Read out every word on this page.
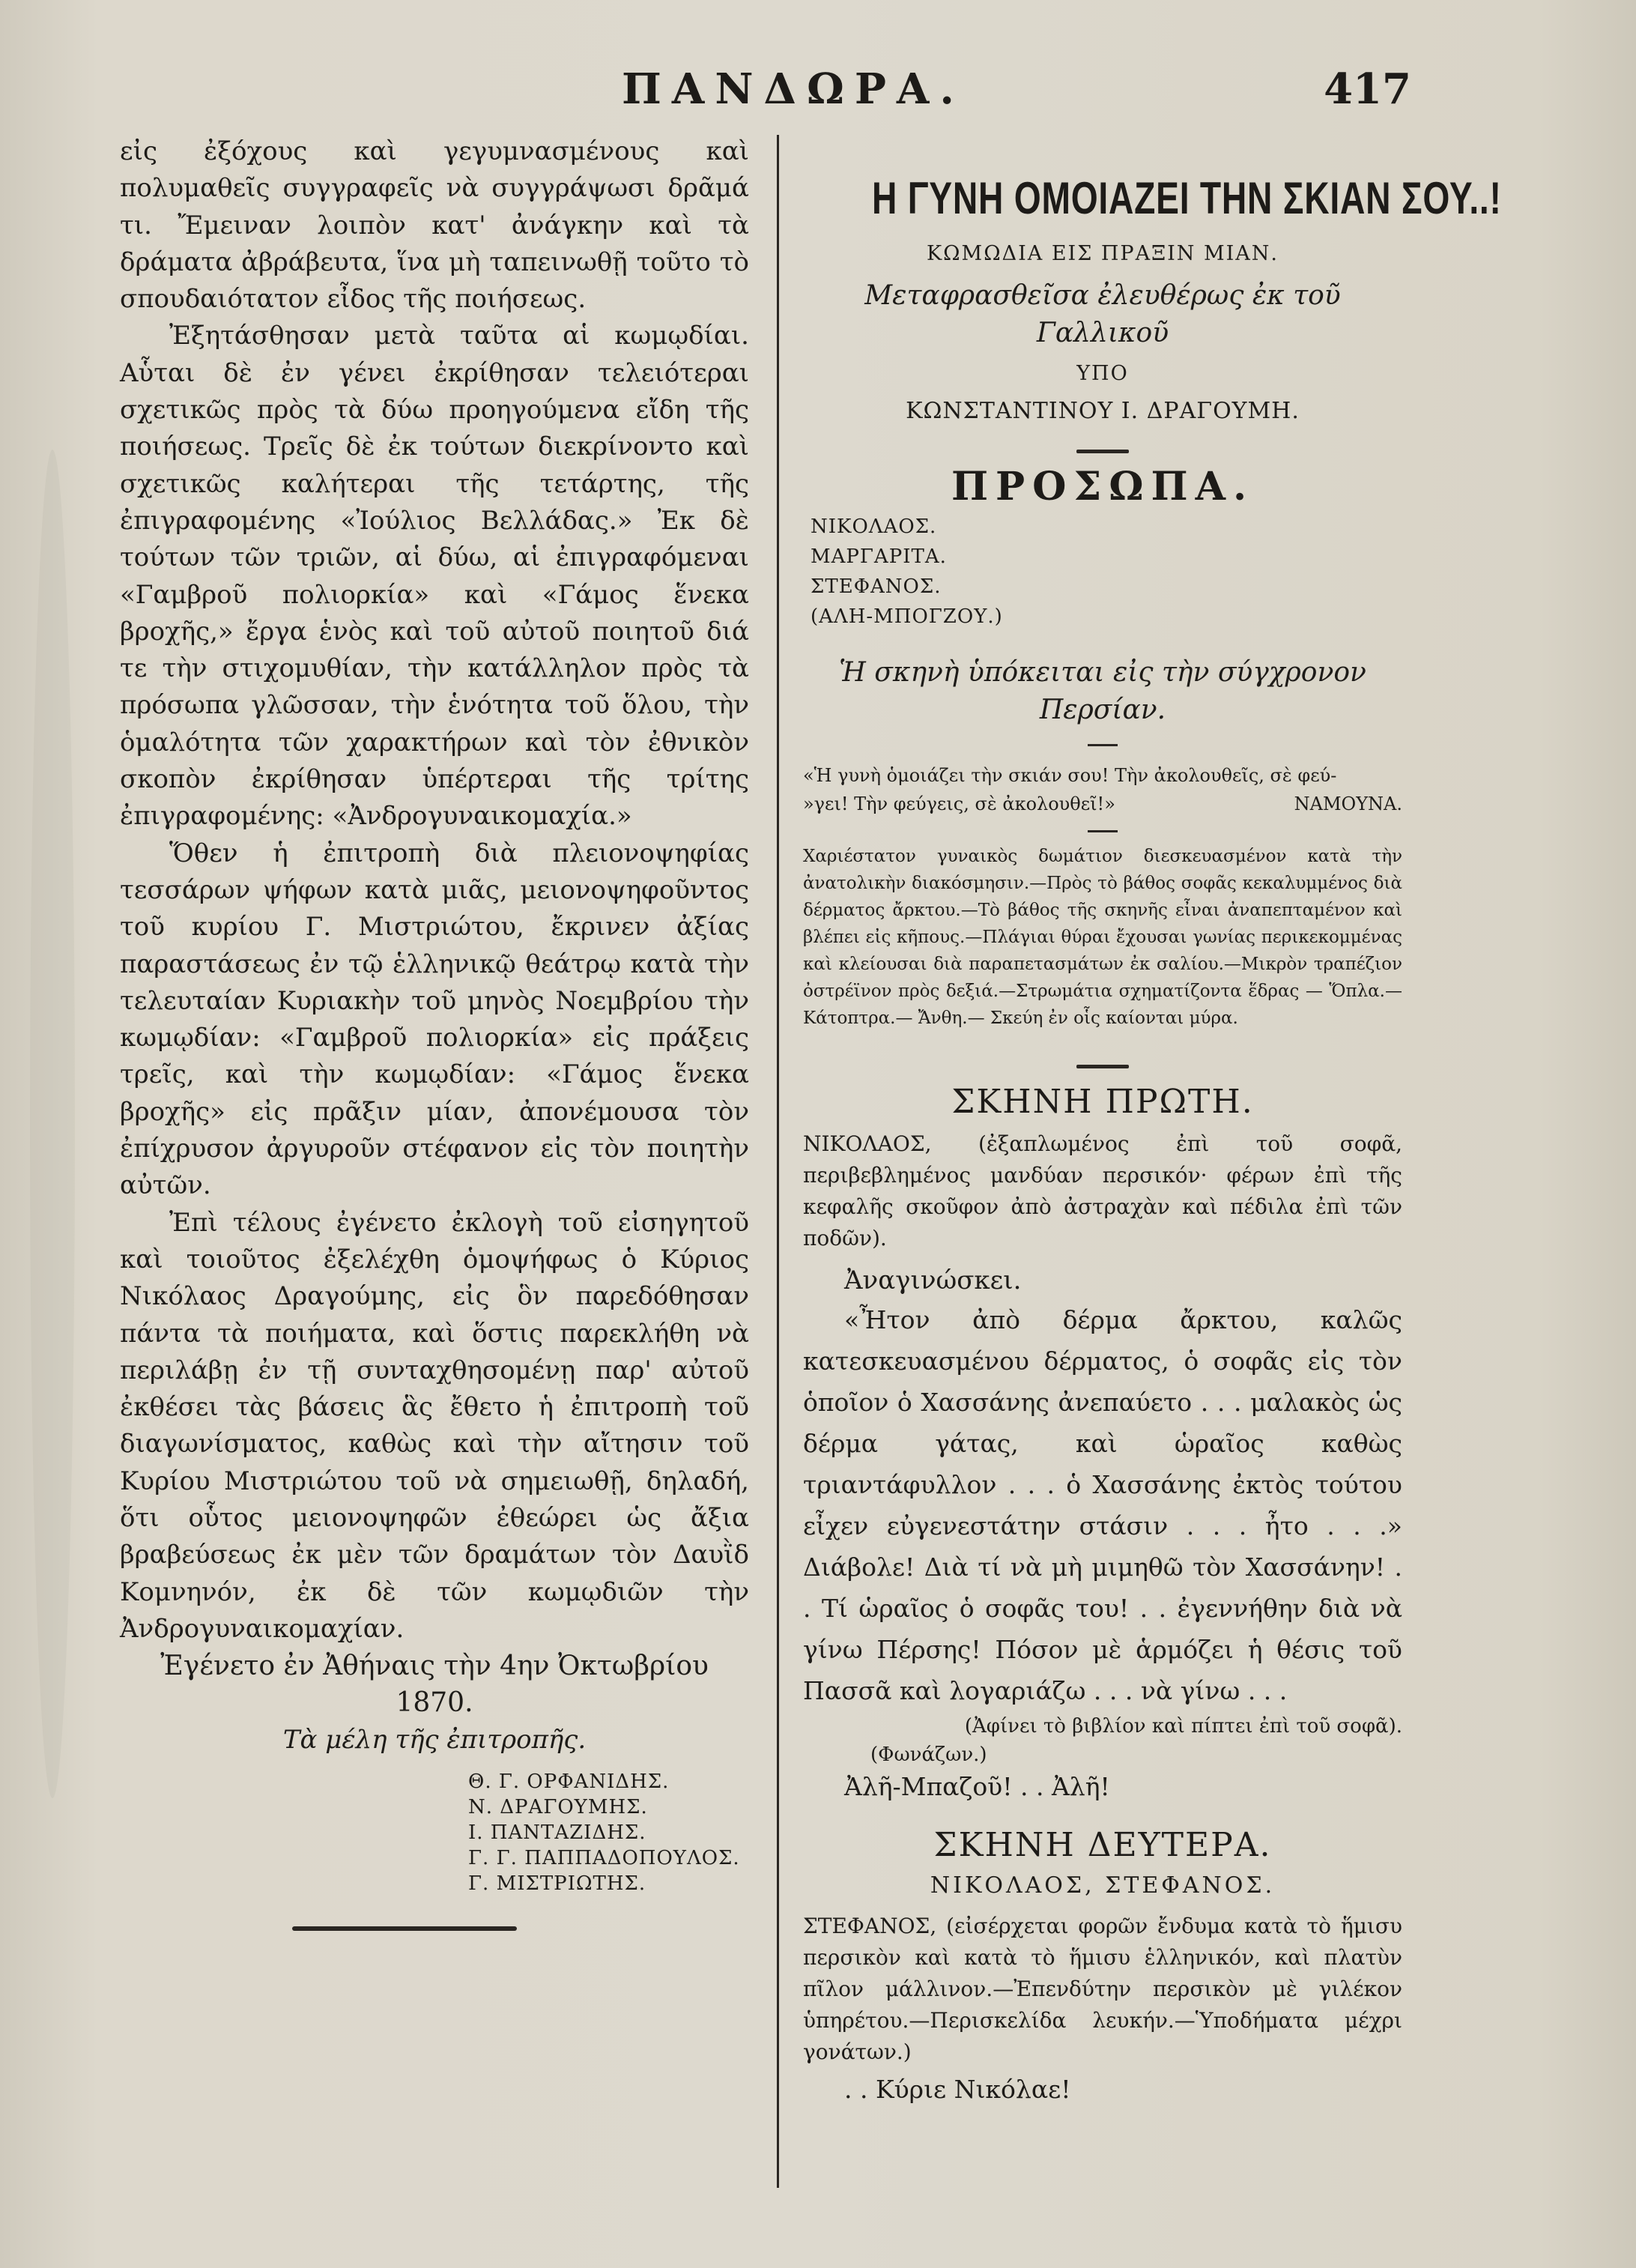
ΠΑΝΔΩΡΑ.	417

εἰς ἐξόχους καὶ γεγυμνασμένους καὶ πολυμαθεῖς συγγραφεῖς νὰ συγγράψωσι δρᾶμά τι. Ἔμειναν λοιπὸν κατ' ἀνάγκην καὶ τὰ δράματα ἀβράβευτα, ἵνα μὴ ταπεινωθῇ τοῦτο τὸ σπουδαιότατον εἶδος τῆς ποιήσεως.

Ἐξητάσθησαν μετὰ ταῦτα αἱ κωμῳδίαι. Αὗται δὲ ἐν γένει ἐκρίθησαν τελειότεραι σχετικῶς πρὸς τὰ δύω προηγούμενα εἴδη τῆς ποιήσεως. Τρεῖς δὲ ἐκ τούτων διεκρίνοντο καὶ σχετικῶς καλήτεραι τῆς τετάρτης, τῆς ἐπιγραφομένης «Ἰούλιος Βελλάδας.» Ἐκ δὲ τούτων τῶν τριῶν, αἱ δύω, αἱ ἐπιγραφόμεναι «Γαμβροῦ πολιορκία» καὶ «Γάμος ἕνεκα βροχῆς,» ἔργα ἑνὸς καὶ τοῦ αὐτοῦ ποιητοῦ διά τε τὴν στιχομυθίαν, τὴν κατάλληλον πρὸς τὰ πρόσωπα γλῶσσαν, τὴν ἑνότητα τοῦ ὅλου, τὴν ὁμαλότητα τῶν χαρακτήρων καὶ τὸν ἐθνικὸν σκοπὸν ἐκρίθησαν ὑπέρτεραι τῆς τρίτης ἐπιγραφομένης: «Ἀνδρογυναικομαχία.»

Ὅθεν ἡ ἐπιτροπὴ διὰ πλειονοψηφίας τεσσάρων ψήφων κατὰ μιᾶς, μειονοψηφοῦντος τοῦ κυρίου Γ. Μιστριώτου, ἔκρινεν ἀξίας παραστάσεως ἐν τῷ ἑλληνικῷ θεάτρῳ κατὰ τὴν τελευταίαν Κυριακὴν τοῦ μηνὸς Νοεμβρίου τὴν κωμῳδίαν: «Γαμβροῦ πολιορκία» εἰς πράξεις τρεῖς, καὶ τὴν κωμῳδίαν: «Γάμος ἕνεκα βροχῆς» εἰς πρᾶξιν μίαν, ἀπονέμουσα τὸν ἐπίχρυσον ἀργυροῦν στέφανον εἰς τὸν ποιητὴν αὐτῶν.

Ἐπὶ τέλους ἐγένετο ἐκλογὴ τοῦ εἰσηγητοῦ καὶ τοιοῦτος ἐξελέχθη ὁμοψήφως ὁ Κύριος Νικόλαος Δραγούμης, εἰς ὃν παρεδόθησαν πάντα τὰ ποιήματα, καὶ ὅστις παρεκλήθη νὰ περιλάβῃ ἐν τῇ συνταχθησομένῃ παρ' αὐτοῦ ἐκθέσει τὰς βάσεις ἃς ἔθετο ἡ ἐπιτροπὴ τοῦ διαγωνίσματος, καθὼς καὶ τὴν αἴτησιν τοῦ Κυρίου Μιστριώτου τοῦ νὰ σημειωθῇ, δηλαδή, ὅτι οὗτος μειονοψηφῶν ἐθεώρει ὡς ἄξια βραβεύσεως ἐκ μὲν τῶν δραμάτων τὸν Δαυῒδ Κομνηνόν, ἐκ δὲ τῶν κωμῳδιῶν τὴν Ἀνδρογυναικομαχίαν.

Ἐγένετο ἐν Ἀθήναις τὴν 4ην Ὀκτωβρίου 1870.

Τὰ μέλη τῆς ἐπιτροπῆς.

Θ. Γ. ΟΡΦΑΝΙΔΗΣ.
Ν. ΔΡΑΓΟΥΜΗΣ.
Ι. ΠΑΝΤΑΖΙΔΗΣ.
Γ. Γ. ΠΑΠΠΑΔΟΠΟΥΛΟΣ.
Γ. ΜΙΣΤΡΙΩΤΗΣ.

Η ΓΥΝΗ ΟΜΟΙΑΖΕΙ ΤΗΝ ΣΚΙΑΝ ΣΟΥ..!

ΚΩΜΩΔΙΑ ΕΙΣ ΠΡΑΞΙΝ ΜΙΑΝ.

Μεταφρασθεῖσα ἐλευθέρως ἐκ τοῦ Γαλλικοῦ

ΥΠΟ

ΚΩΝΣΤΑΝΤΙΝΟΥ Ι. ΔΡΑΓΟΥΜΗ.

ΠΡΟΣΩΠΑ.

ΝΙΚΟΛΑΟΣ.
ΜΑΡΓΑΡΙΤΑ.
ΣΤΕΦΑΝΟΣ.
(ΑΛΗ-ΜΠΟΓΖΟΥ.)

Ἡ σκηνὴ ὑπόκειται εἰς τὴν σύγχρονον Περσίαν.

«Ἡ γυνὴ ὁμοιάζει τὴν σκιάν σου! Τὴν ἀκολουθεῖς, σὲ φεύ-
»γει! Τὴν φεύγεις, σὲ ἀκολουθεῖ!»	ΝΑΜΟΥΝΑ.

Χαριέστατον γυναικὸς δωμάτιον διεσκευασμένον κατὰ τὴν ἀνατολικὴν διακόσμησιν.—Πρὸς τὸ βάθος σοφᾶς κεκαλυμμένος διὰ δέρματος ἄρκτου.—Τὸ βάθος τῆς σκηνῆς εἶναι ἀναπεπταμένον καὶ βλέπει εἰς κῆπους.—Πλάγιαι θύραι ἔχουσαι γωνίας περικεκομμένας καὶ κλείουσαι διὰ παραπετασμάτων ἐκ σαλίου.—Μικρὸν τραπέζιον ὀστρέϊνον πρὸς δεξιά.—Στρωμάτια σχηματίζοντα ἕδρας — Ὅπλα.— Κάτοπτρα.— Ἄνθη.— Σκεύη ἐν οἷς καίονται μύρα.

ΣΚΗΝΗ ΠΡΩΤΗ.

ΝΙΚΟΛΑΟΣ, (ἐξαπλωμένος ἐπὶ τοῦ σοφᾶ, περιβεβλημένος μανδύαν περσικόν· φέρων ἐπὶ τῆς κεφαλῆς σκοῦφον ἀπὸ ἀστραχὰν καὶ πέδιλα ἐπὶ τῶν ποδῶν).

Ἀναγινώσκει.

«Ἦτον ἀπὸ δέρμα ἄρκτου, καλῶς κατεσκευασμένου δέρματος, ὁ σοφᾶς εἰς τὸν ὁποῖον ὁ Χασσάνης ἀνεπαύετο . . . μαλακὸς ὡς δέρμα γάτας, καὶ ὡραῖος καθὼς τριαντάφυλλον . . . ὁ Χασσάνης ἐκτὸς τούτου εἶχεν εὐγενεστάτην στάσιν . . . ἦτο . . .» Διάβολε! Διὰ τί νὰ μὴ μιμηθῶ τὸν Χασσάνην! . . Τί ὡραῖος ὁ σοφᾶς του! . . ἐγεννήθην διὰ νὰ γίνω Πέρσης! Πόσον μὲ ἁρμόζει ἡ θέσις τοῦ Πασσᾶ καὶ λογαριάζω . . . νὰ γίνω . . .

(Ἀφίνει τὸ βιβλίον καὶ πίπτει ἐπὶ τοῦ σοφᾶ).

(Φωνάζων.)

Ἀλῆ-Μπαζοῦ! . . Ἀλῆ!

ΣΚΗΝΗ ΔΕΥΤΕΡΑ.

ΝΙΚΟΛΑΟΣ, ΣΤΕΦΑΝΟΣ.

ΣΤΕΦΑΝΟΣ, (εἰσέρχεται φορῶν ἔνδυμα κατὰ τὸ ἥμισυ περσικὸν καὶ κατὰ τὸ ἥμισυ ἑλληνικόν, καὶ πλατὺν πῖλον μάλλινον.—Ἐπενδύτην περσικὸν μὲ γιλέκον ὑπηρέτου.—Περισκελίδα λευκήν.—Ὑποδήματα μέχρι γονάτων.)

. . Κύριε Νικόλαε!
